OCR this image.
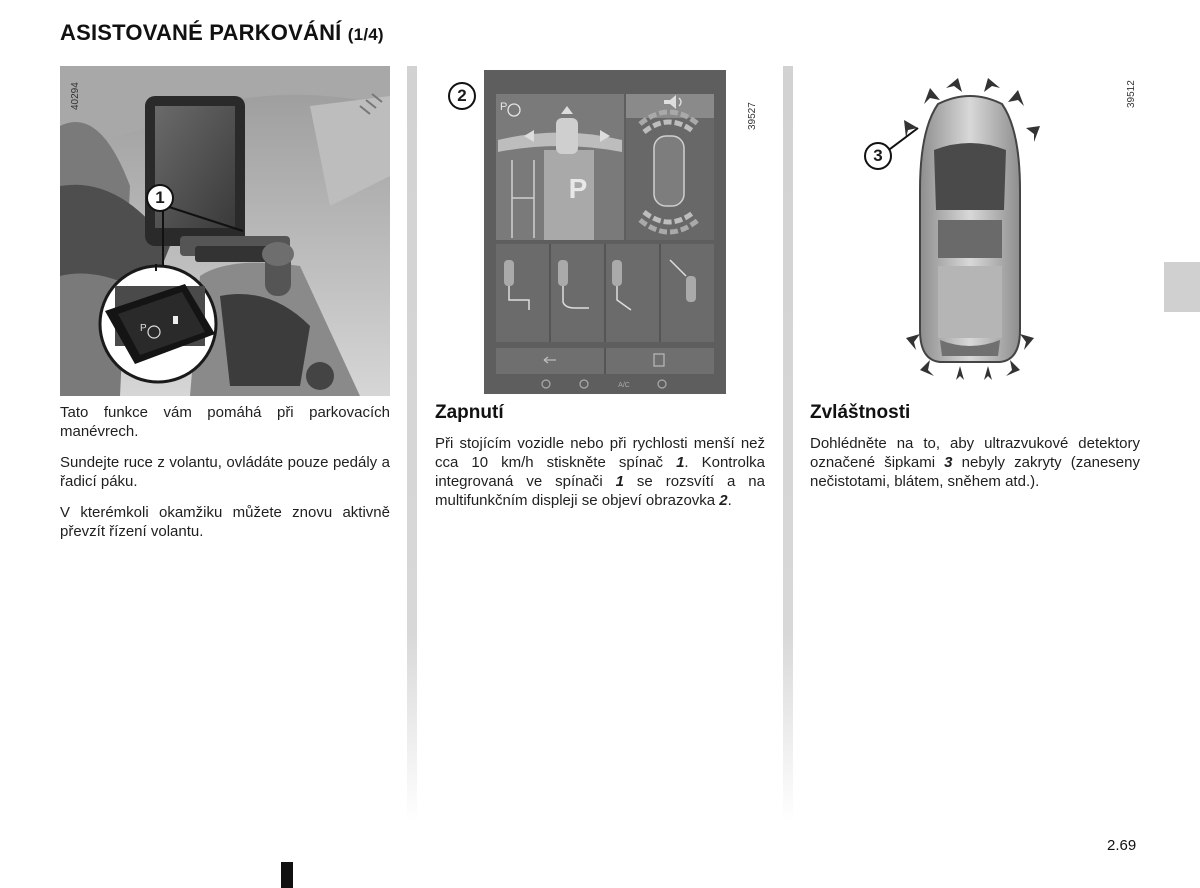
ASISTOVANÉ PARKOVÁNÍ (1/4)
P
1
40294
P
P
A/C
2
39527
3
39512

Tato funkce vám pomáhá při parkovacích manévrech.

Sundejte ruce z volantu, ovládáte pouze pedály a řadicí páku.

V kterémkoli okamžiku můžete znovu aktivně převzít řízení volantu.

Zapnutí

Při stojícím vozidle nebo při rychlosti menší než cca 10 km/h stiskněte spínač 1. Kontrolka integrovaná ve spínači 1 se rozsvítí a na multifunkčním displeji se objeví obrazovka 2.

Zvláštnosti

Dohlédněte na to, aby ultrazvukové detektory označené šipkami 3 nebyly zakryty (zaneseny nečistotami, blátem, sněhem atd.).

2.69
